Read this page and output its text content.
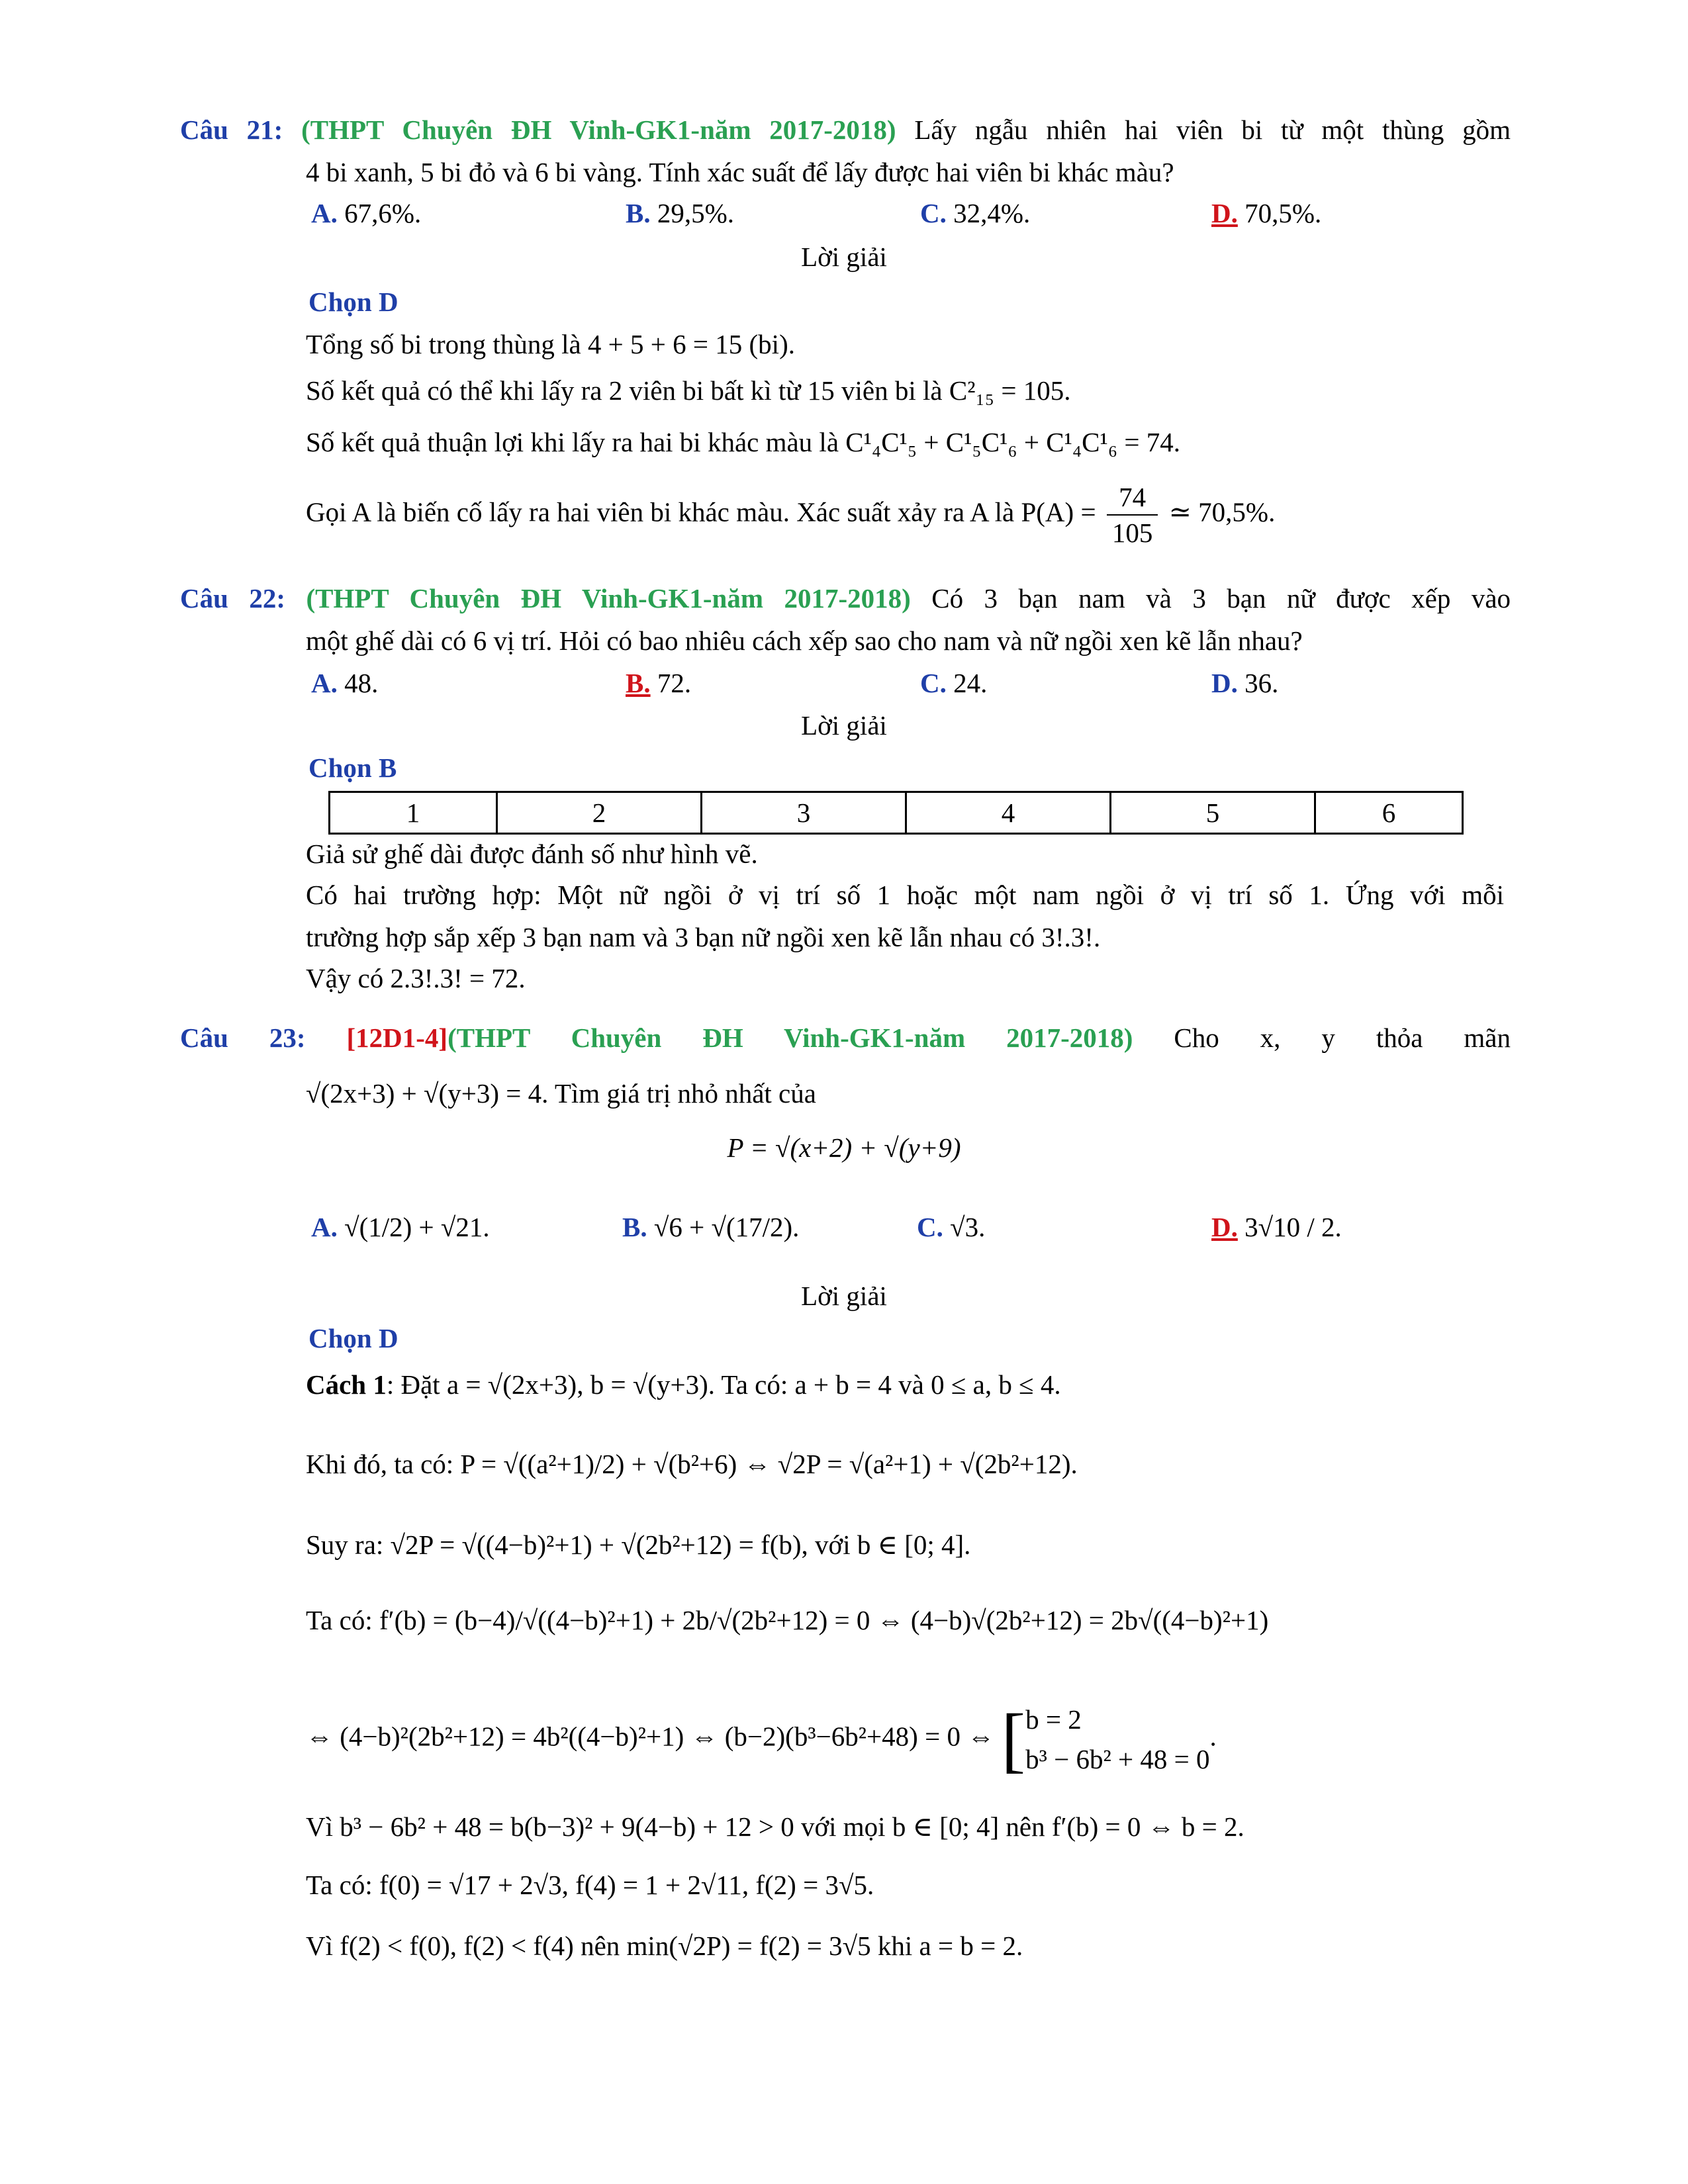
Câu 21: (THPT Chuyên ĐH Vinh-GK1-năm 2017-2018) Lấy ngẫu nhiên hai viên bi từ một thùng gồm
4 bi xanh, 5 bi đỏ và 6 bi vàng. Tính xác suất để lấy được hai viên bi khác màu?
A. 67,6%.	B. 29,5%.	C. 32,4%.	D. 70,5%.
Lời giải
Chọn D
Tổng số bi trong thùng là 4 + 5 + 6 = 15 (bi).
Số kết quả có thể khi lấy ra 2 viên bi bất kì từ 15 viên bi là C²₁₅ = 105.
Số kết quả thuận lợi khi lấy ra hai bi khác màu là C¹₄C¹₅ + C¹₅C¹₆ + C¹₄C¹₆ = 74.
Gọi A là biến cố lấy ra hai viên bi khác màu. Xác suất xảy ra A là $P(A) = \frac{74}{105}$ ≃ 70,5%.
Câu 22: (THPT Chuyên ĐH Vinh-GK1-năm 2017-2018) Có 3 bạn nam và 3 bạn nữ được xếp vào
một ghế dài có 6 vị trí. Hỏi có bao nhiêu cách xếp sao cho nam và nữ ngồi xen kẽ lẫn nhau?
A. 48.	B. 72.	C. 24.	D. 36.
Lời giải
Chọn B
1	2	3	4	5	6
Giả sử ghế dài được đánh số như hình vẽ.
Có hai trường hợp: Một nữ ngồi ở vị trí số 1 hoặc một nam ngồi ở vị trí số 1. Ứng với mỗi
trường hợp sắp xếp 3 bạn nam và 3 bạn nữ ngồi xen kẽ lẫn nhau có 3!.3!.
Vậy có 2.3!.3! = 72.
Câu 23: [12D1-4](THPT Chuyên ĐH Vinh-GK1-năm 2017-2018) Cho x, y thỏa mãn
√(2x+3) + √(y+3) = 4. Tìm giá trị nhỏ nhất của
P = √(x+2) + √(y+9)
A. √(1/2) + √21.	B. √6 + √(17/2).	C. √3.	D. 3√10 / 2.
Lời giải
Chọn D
Cách 1: Đặt a = √(2x+3), b = √(y+3). Ta có: a + b = 4 và 0 ≤ a, b ≤ 4.
Khi đó, ta có: P = √((a²+1)/2) + √(b²+6) ⇔ √2P = √(a²+1) + √(2b²+12).
Suy ra: √2P = √((4−b)²+1) + √(2b²+12) = f(b), với b ∈ [0; 4].
Ta có: f′(b) = (b−4)/√((4−b)²+1) + 2b/√(2b²+12) = 0 ⇔ (4−b)√(2b²+12) = 2b√((4−b)²+1)
⇔ (4−b)²(2b²+12) = 4b²((4−b)²+1) ⇔ (b−2)(b³−6b²+48) = 0 ⇔ [ b = 2
b³ − 6b² + 48 = 0
.
Vì b³ − 6b² + 48 = b(b−3)² + 9(4−b) + 12 > 0 với mọi b ∈ [0; 4] nên f′(b) = 0 ⇔ b = 2.
Ta có: f(0) = √17 + 2√3, f(4) = 1 + 2√11, f(2) = 3√5.
Vì f(2) < f(0), f(2) < f(4) nên min(√2P) = f(2) = 3√5 khi a = b = 2.
